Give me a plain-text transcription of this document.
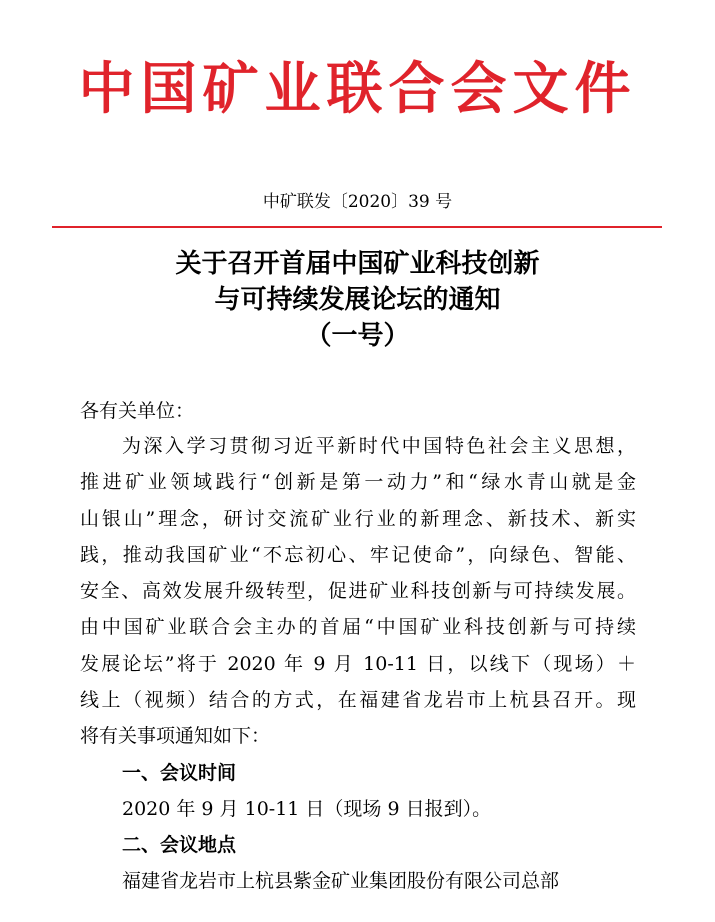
中国矿业联合会文件
中矿联发〔2020〕39 号
关于召开首届中国矿业科技创新
与可持续发展论坛的通知
（一号）
各有关单位：
为深入学习贯彻习近平新时代中国特色社会主义思想，
推进矿业领域践行“创新是第一动力”和“绿水青山就是金
山银山”理念，研讨交流矿业行业的新理念、新技术、新实
践，推动我国矿业“不忘初心、牢记使命”，向绿色、智能、
安全、高效发展升级转型，促进矿业科技创新与可持续发展。
由中国矿业联合会主办的首届“中国矿业科技创新与可持续
发展论坛”将于 2020 年 9 月 10-11 日，以线下（现场）＋
线上（视频）结合的方式，在福建省龙岩市上杭县召开。现
将有关事项通知如下：
一、会议时间
2020 年 9 月 10-11 日（现场 9 日报到）。
二、会议地点
福建省龙岩市上杭县紫金矿业集团股份有限公司总部
